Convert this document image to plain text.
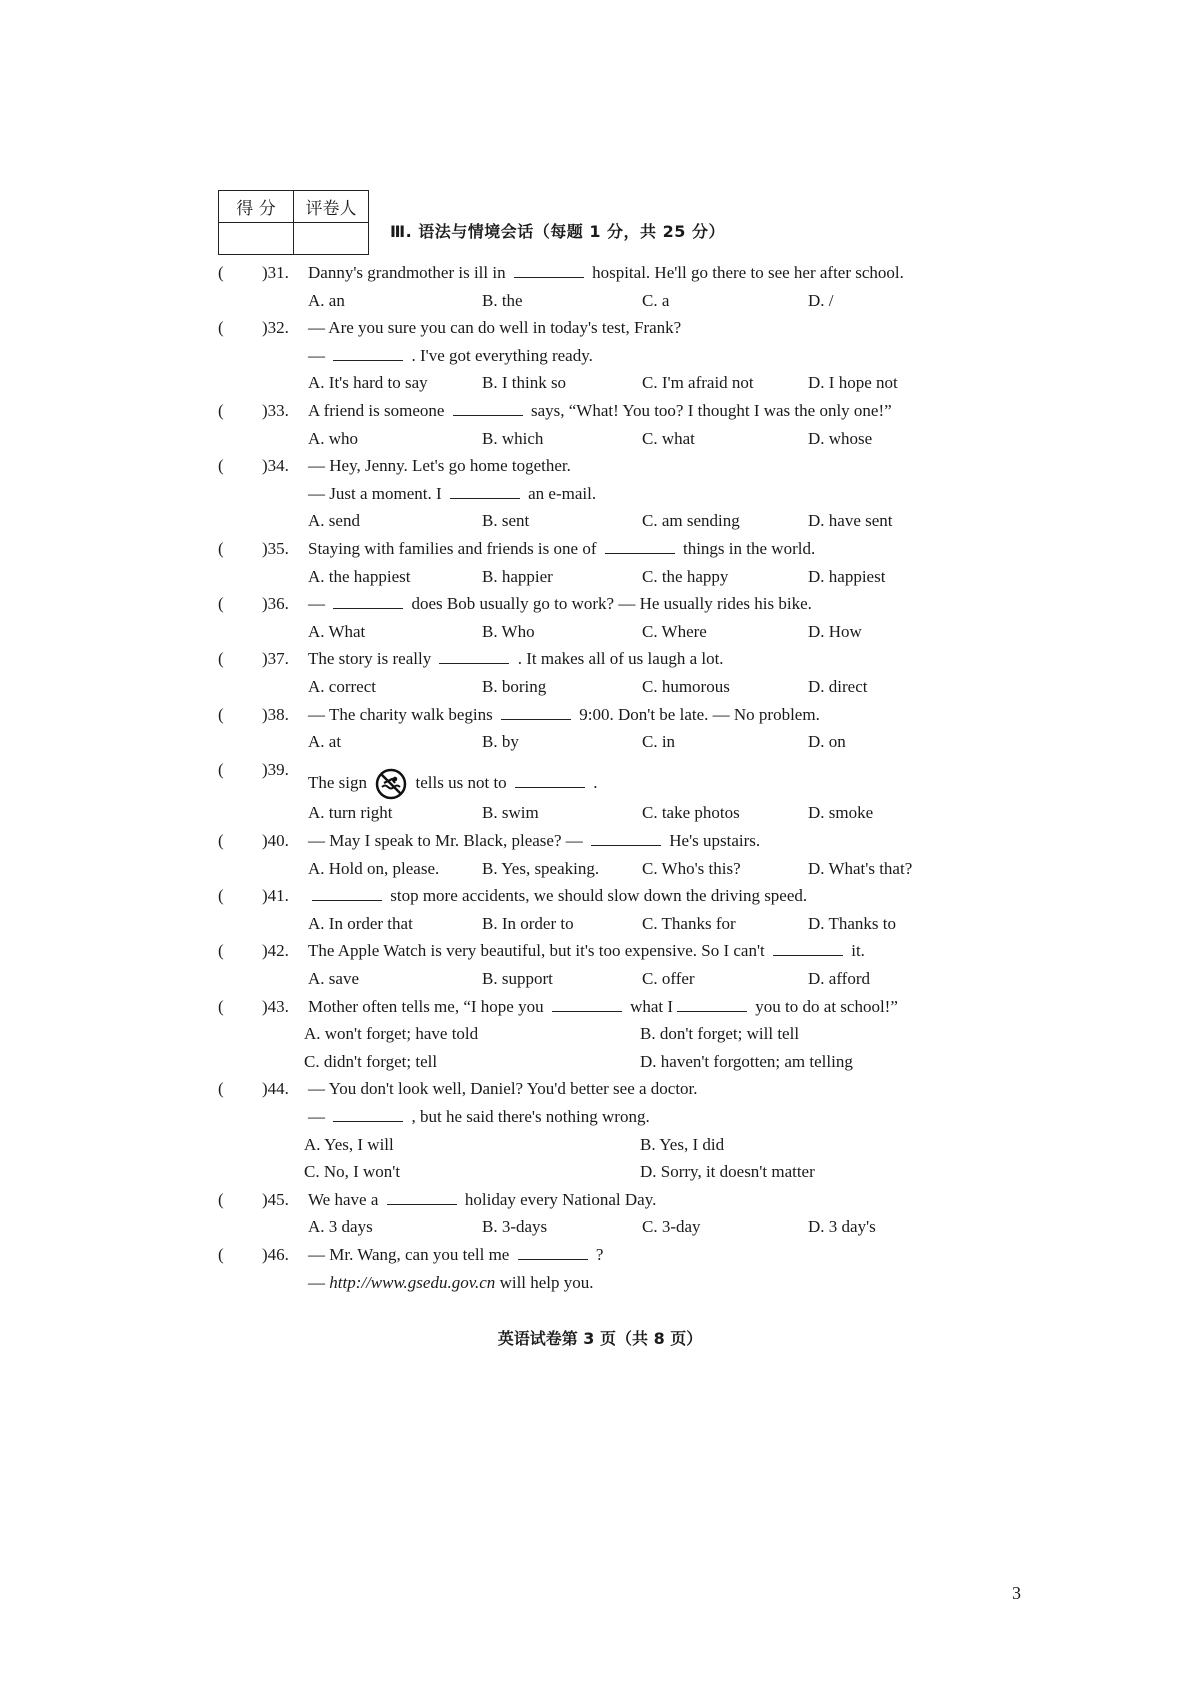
得 分	评卷人

Ⅲ. 语法与情境会话（每题 1 分，共 25 分）
( )31. Danny's grandmother is ill in	hospital. He'll go there to see her after school.
A. an	B. the	C. a	D. /
( )32. — Are you sure you can do well in today's test, Frank?
—	. I've got everything ready.
A. It's hard to say	B. I think so	C. I'm afraid not	D. I hope not
( )33. A friend is someone	says, “What! You too? I thought I was the only one!”
A. who	B. which	C. what	D. whose
( )34. — Hey, Jenny. Let's go home together.
— Just a moment. I	an e-mail.
A. send	B. sent	C. am sending	D. have sent
( )35. Staying with families and friends is one of	things in the world.
A. the happiest	B. happier	C. the happy	D. happiest
( )36. —	does Bob usually go to work? — He usually rides his bike.
A. What	B. Who	C. Where	D. How
( )37. The story is really	. It makes all of us laugh a lot.
A. correct	B. boring	C. humorous	D. direct
( )38. — The charity walk begins	9:00. Don't be late. — No problem.
A. at	B. by	C. in	D. on
( )39.
The sign  tells us not to	.
A. turn right	B. swim	C. take photos	D. smoke
( )40. — May I speak to Mr. Black, please? —	He's upstairs.
A. Hold on, please.	B. Yes, speaking.	C. Who's this?	D. What's that?
( )41.	stop more accidents, we should slow down the driving speed.
A. In order that	B. In order to	C. Thanks for	D. Thanks to
( )42. The Apple Watch is very beautiful, but it's too expensive. So I can't	it.
A. save	B. support	C. offer	D. afford
( )43. Mother often tells me, “I hope you	what I	you to do at school!”
A. won't forget; have told	B. don't forget; will tell
C. didn't forget; tell	D. haven't forgotten; am telling
( )44. — You don't look well, Daniel? You'd better see a doctor.
—	, but he said there's nothing wrong.
A. Yes, I will	B. Yes, I did
C. No, I won't	D. Sorry, it doesn't matter
( )45. We have a	holiday every National Day.
A. 3 days	B. 3-days	C. 3-day	D. 3 day's
( )46. — Mr. Wang, can you tell me	?
— http://www.gsedu.gov.cn will help you.
英语试卷第 3 页（共 8 页）
3
